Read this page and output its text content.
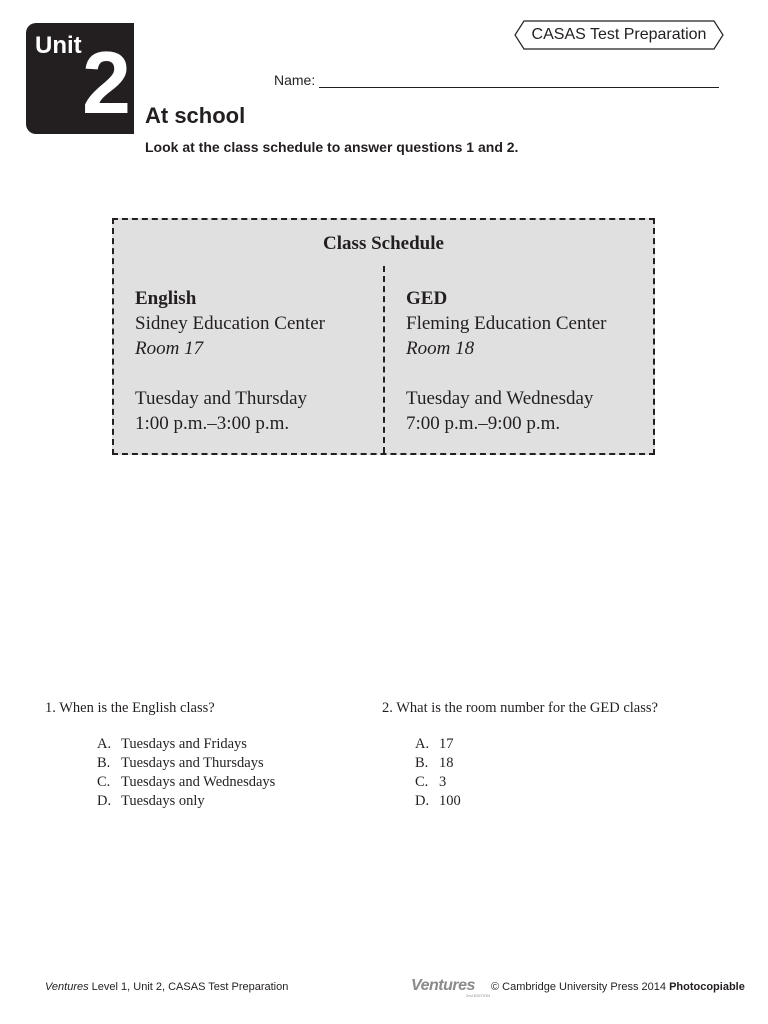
Unit 2	CASAS Test Preparation
Name:
At school

Look at the class schedule to answer questions 1 and 2.

Class Schedule
English
Sidney Education Center
Room 17
Tuesday and Thursday
1:00 p.m.–3:00 p.m.
GED
Fleming Education Center
Room 18
Tuesday and Wednesday
7:00 p.m.–9:00 p.m.

1. When is the English class?

A. Tuesdays and Fridays
B. Tuesdays and Thursdays
C. Tuesdays and Wednesdays
D. Tuesdays only

2. What is the room number for the GED class?

A. 17
B. 18
C. 3
D. 100
Ventures Level 1, Unit 2, CASAS Test Preparation	Ventures
2nd EDITION
© Cambridge University Press 2014 Photocopiable
